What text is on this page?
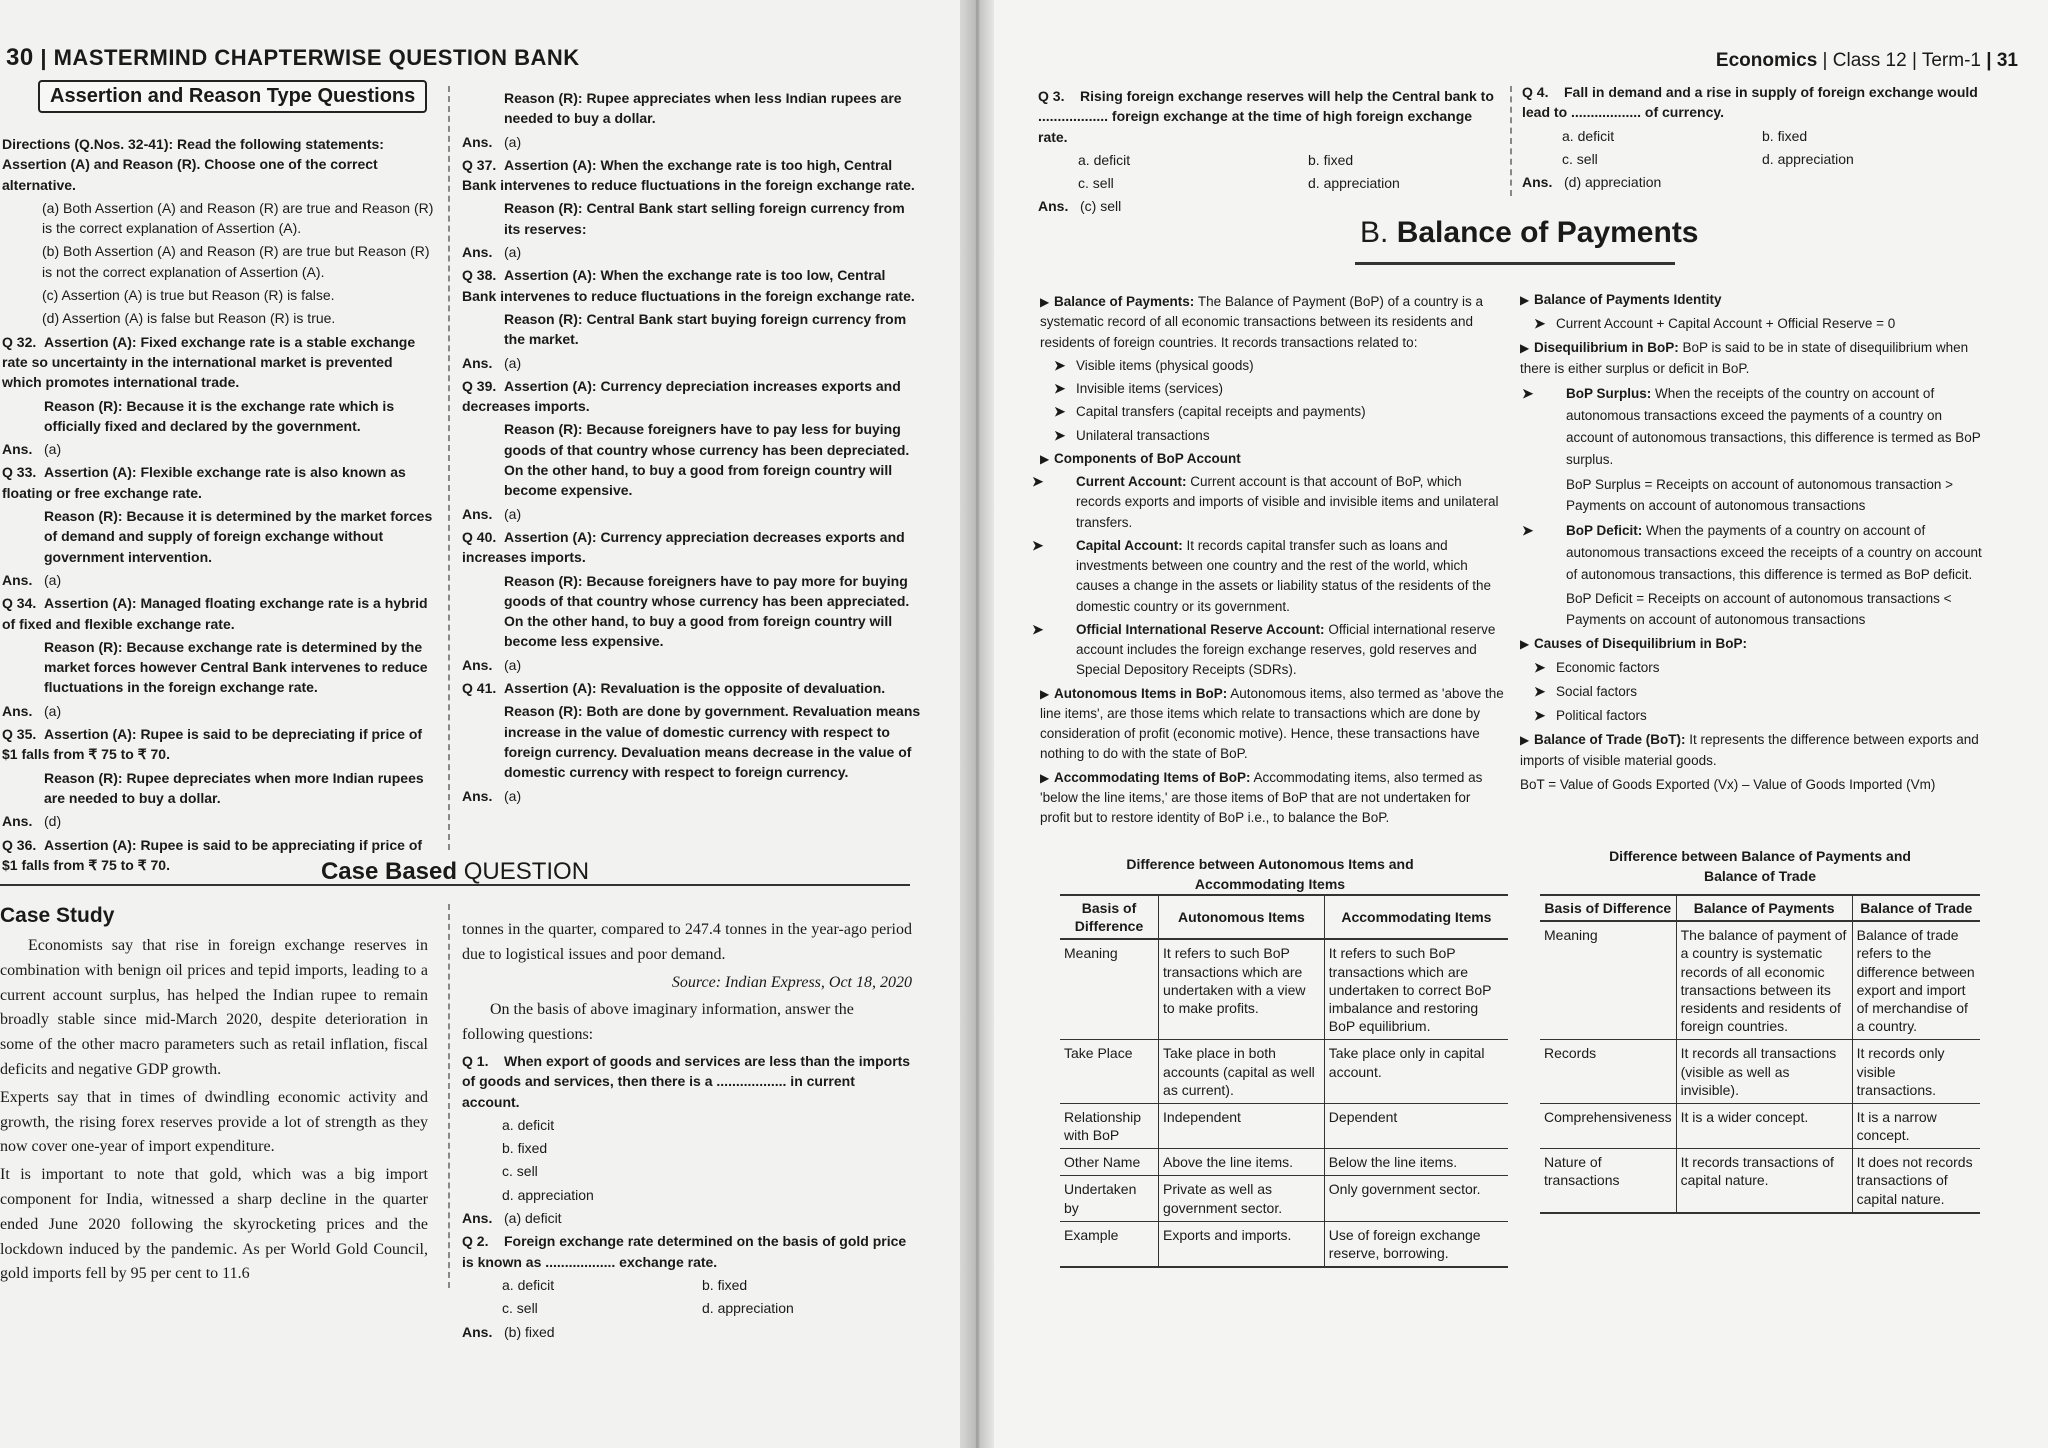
30 | MASTERMIND CHAPTERWISE QUESTION BANK	Economics | Class 12 | Term-1 | 31
Assertion and Reason Type Questions

Directions (Q.Nos. 32-41): Read the following statements: Assertion (A) and Reason (R). Choose one of the correct alternative.

(a) Both Assertion (A) and Reason (R) are true and Reason (R) is the correct explanation of Assertion (A).

(b) Both Assertion (A) and Reason (R) are true but Reason (R) is not the correct explanation of Assertion (A).

(c) Assertion (A) is true but Reason (R) is false.

(d) Assertion (A) is false but Reason (R) is true.

Q 32. Assertion (A): Fixed exchange rate is a stable exchange rate so uncertainty in the international market is prevented which promotes international trade.

Reason (R): Because it is the exchange rate which is officially fixed and declared by the government.

Ans. (a)

Q 33. Assertion (A): Flexible exchange rate is also known as floating or free exchange rate.

Reason (R): Because it is determined by the market forces of demand and supply of foreign exchange without government intervention.

Ans. (a)

Q 34. Assertion (A): Managed floating exchange rate is a hybrid of fixed and flexible exchange rate.

Reason (R): Because exchange rate is determined by the market forces however Central Bank intervenes to reduce fluctuations in the foreign exchange rate.

Ans. (a)

Q 35. Assertion (A): Rupee is said to be depreciating if price of $1 falls from ₹ 75 to ₹ 70.

Reason (R): Rupee depreciates when more Indian rupees are needed to buy a dollar.

Ans. (d)

Q 36. Assertion (A): Rupee is said to be appreciating if price of $1 falls from ₹ 75 to ₹ 70.

Reason (R): Rupee appreciates when less Indian rupees are needed to buy a dollar.

Ans. (a)

Q 37. Assertion (A): When the exchange rate is too high, Central Bank intervenes to reduce fluctuations in the foreign exchange rate.

Reason (R): Central Bank start selling foreign currency from its reserves:

Ans. (a)

Q 38. Assertion (A): When the exchange rate is too low, Central Bank intervenes to reduce fluctuations in the foreign exchange rate.

Reason (R): Central Bank start buying foreign currency from the market.

Ans. (a)

Q 39. Assertion (A): Currency depreciation increases exports and decreases imports.

Reason (R): Because foreigners have to pay less for buying goods of that country whose currency has been depreciated. On the other hand, to buy a good from foreign country will become expensive.

Ans. (a)

Q 40. Assertion (A): Currency appreciation decreases exports and increases imports.

Reason (R): Because foreigners have to pay more for buying goods of that country whose currency has been appreciated. On the other hand, to buy a good from foreign country will become less expensive.

Ans. (a)

Q 41. Assertion (A): Revaluation is the opposite of devaluation.

Reason (R): Both are done by government. Revaluation means increase in the value of domestic currency with respect to foreign currency. Devaluation means decrease in the value of domestic currency with respect to foreign currency.

Ans. (a)

Case Based QUESTION
Case Study

Economists say that rise in foreign exchange reserves in combination with benign oil prices and tepid imports, leading to a current account surplus, has helped the Indian rupee to remain broadly stable since mid-March 2020, despite deterioration in some of the other macro parameters such as retail inflation, fiscal deficits and negative GDP growth.

Experts say that in times of dwindling economic activity and growth, the rising forex reserves provide a lot of strength as they now cover one-year of import expenditure.

It is important to note that gold, which was a big import component for India, witnessed a sharp decline in the quarter ended June 2020 following the skyrocketing prices and the lockdown induced by the pandemic. As per World Gold Council, gold imports fell by 95 per cent to 11.6

tonnes in the quarter, compared to 247.4 tonnes in the year-ago period due to logistical issues and poor demand.

Source: Indian Express, Oct 18, 2020

On the basis of above imaginary information, answer the following questions:

Q 1. When export of goods and services are less than the imports of goods and services, then there is a .................. in current account.

a. deficit

b. fixed

c. sell

d. appreciation

Ans. (a) deficit

Q 2. Foreign exchange rate determined on the basis of gold price is known as .................. exchange rate.

a. deficit	b. fixed

c. sell	d. appreciation

Ans. (b) fixed

Q 3. Rising foreign exchange reserves will help the Central bank to .................. foreign exchange at the time of high foreign exchange rate.

a. deficit	b. fixed

c. sell	d. appreciation

Ans. (c) sell

Q 4. Fall in demand and a rise in supply of foreign exchange would lead to .................. of currency.

a. deficit	b. fixed

c. sell	d. appreciation

Ans. (d) appreciation

B. Balance of Payments

▶ Balance of Payments: The Balance of Payment (BoP) of a country is a systematic record of all economic transactions between its residents and residents of foreign countries. It records transactions related to:

➤ Visible items (physical goods)

➤ Invisible items (services)

➤ Capital transfers (capital receipts and payments)

➤ Unilateral transactions

▶ Components of BoP Account

➤ Current Account: Current account is that account of BoP, which records exports and imports of visible and invisible items and unilateral transfers.

➤ Capital Account: It records capital transfer such as loans and investments between one country and the rest of the world, which causes a change in the assets or liability status of the residents of the domestic country or its government.

➤ Official International Reserve Account: Official international reserve account includes the foreign exchange reserves, gold reserves and Special Depository Receipts (SDRs).

▶ Autonomous Items in BoP: Autonomous items, also termed as 'above the line items', are those items which relate to transactions which are done by consideration of profit (economic motive). Hence, these transactions have nothing to do with the state of BoP.

▶ Accommodating Items of BoP: Accommodating items, also termed as 'below the line items,' are those items of BoP that are not undertaken for profit but to restore identity of BoP i.e., to balance the BoP.

▶ Balance of Payments Identity

➤ Current Account + Capital Account + Official Reserve = 0

▶ Disequilibrium in BoP: BoP is said to be in state of disequilibrium when there is either surplus or deficit in BoP.

➤ BoP Surplus: When the receipts of the country on account of autonomous transactions exceed the payments of a country on account of autonomous transactions, this difference is termed as BoP surplus.

BoP Surplus = Receipts on account of autonomous transaction > Payments on account of autonomous transactions

➤ BoP Deficit: When the payments of a country on account of autonomous transactions exceed the receipts of a country on account of autonomous transactions, this difference is termed as BoP deficit.

BoP Deficit = Receipts on account of autonomous transactions < Payments on account of autonomous transactions

▶ Causes of Disequilibrium in BoP:

➤ Economic factors

➤ Social factors

➤ Political factors

▶ Balance of Trade (BoT): It represents the difference between exports and imports of visible material goods.

BoT = Value of Goods Exported (Vx) – Value of Goods Imported (Vm)

Difference between Autonomous Items and Accommodating Items
Basis of Difference	Autonomous Items	Accommodating Items
Meaning	It refers to such BoP transactions which are undertaken with a view to make profits.	It refers to such BoP transactions which are undertaken to correct BoP imbalance and restoring BoP equilibrium.
Take Place	Take place in both accounts (capital as well as current).	Take place only in capital account.
Relationship with BoP	Independent	Dependent
Other Name	Above the line items.	Below the line items.
Undertaken by	Private as well as government sector.	Only government sector.
Example	Exports and imports.	Use of foreign exchange reserve, borrowing.
Difference between Balance of Payments and Balance of Trade
Basis of Difference	Balance of Payments	Balance of Trade
Meaning	The balance of payment of a country is systematic records of all economic transactions between its residents and residents of foreign countries.	Balance of trade refers to the difference between export and import of merchandise of a country.
Records	It records all transactions (visible as well as invisible).	It records only visible transactions.
Comprehensiveness	It is a wider concept.	It is a narrow concept.
Nature of transactions	It records transactions of capital nature.	It does not records transactions of capital nature.
